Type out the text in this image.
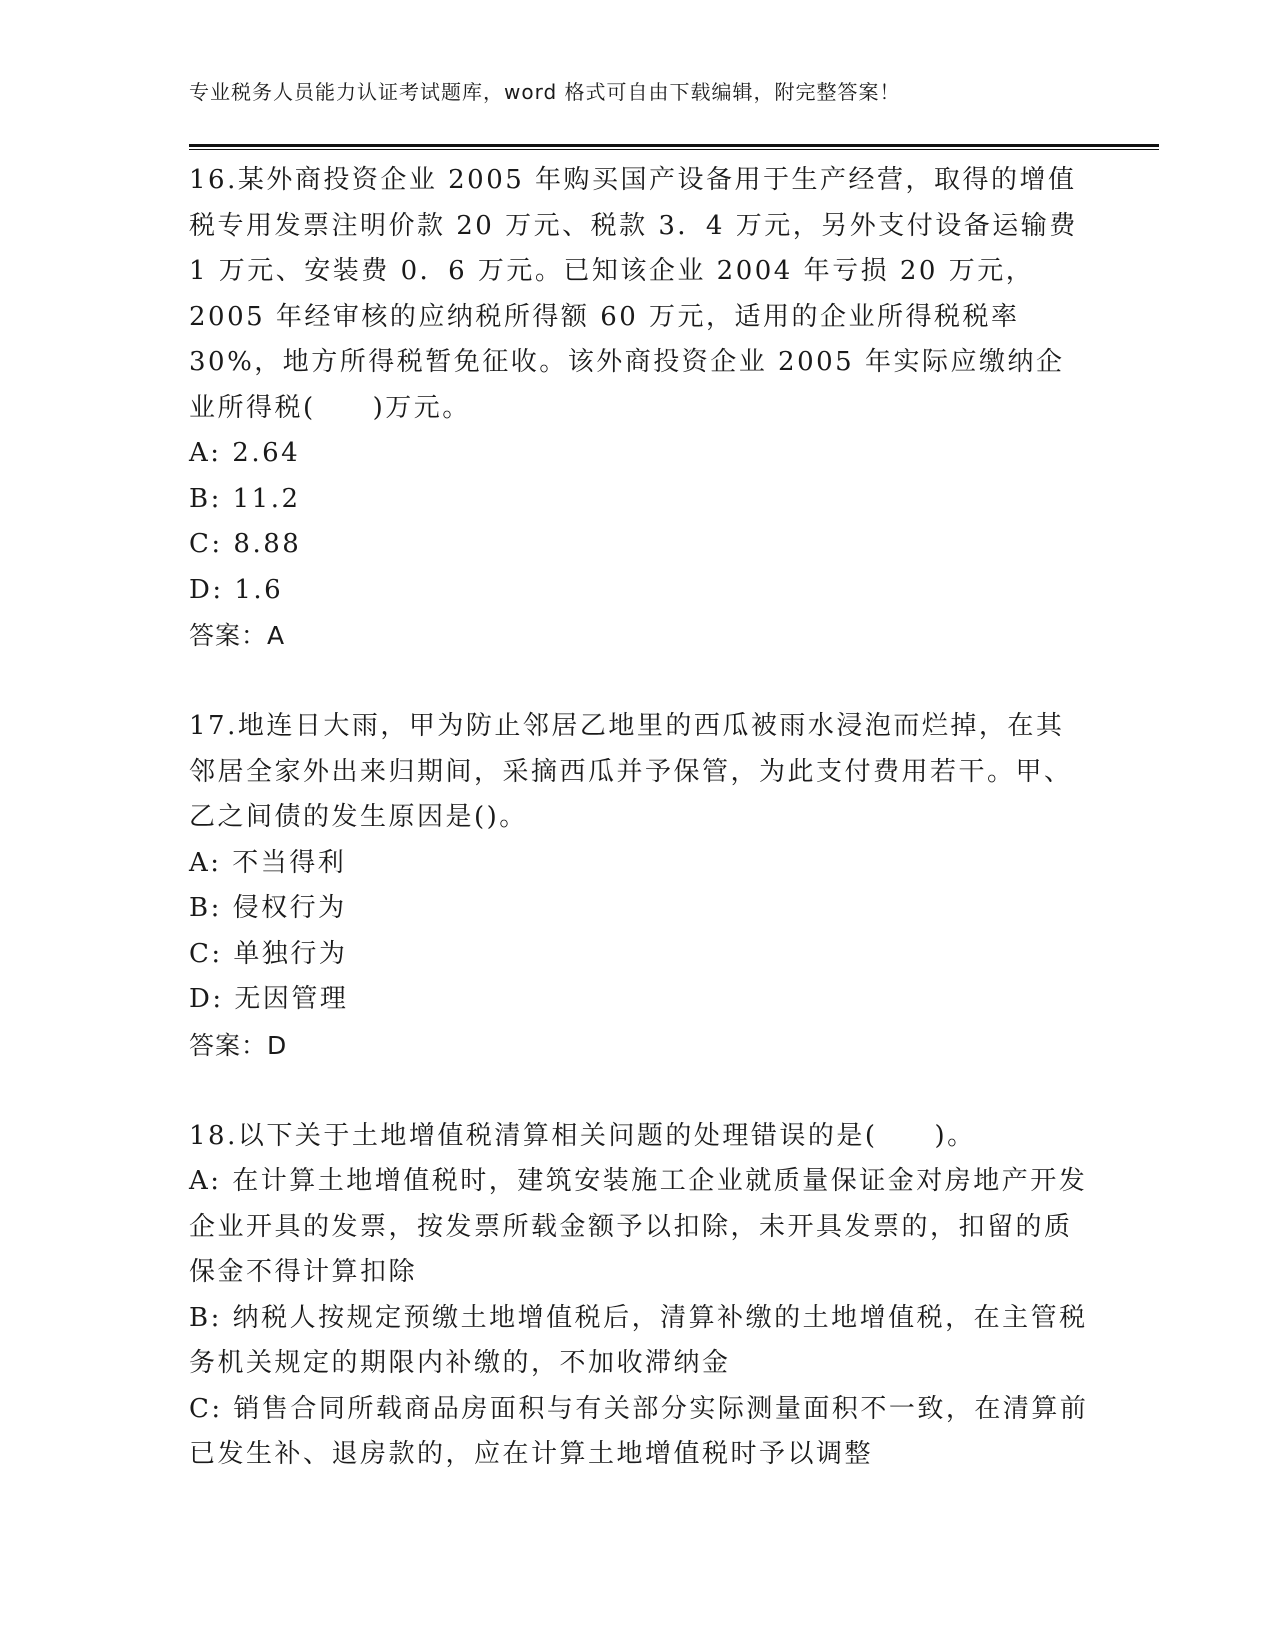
专业税务人员能力认证考试题库，word 格式可自由下载编辑，附完整答案！
16.某外商投资企业 2005 年购买国产设备用于生产经营，取得的增值税专用发票注明价款 20 万元、税款 3．4 万元，另外支付设备运输费 1 万元、安装费 0．6 万元。已知该企业 2004 年亏损 20 万元，2005 年经审核的应纳税所得额 60 万元，适用的企业所得税税率 30%，地方所得税暂免征收。该外商投资企业 2005 年实际应缴纳企业所得税(　　)万元。
A: 2.64
B: 11.2
C: 8.88
D: 1.6
答案：A
17.地连日大雨，甲为防止邻居乙地里的西瓜被雨水浸泡而烂掉，在其邻居全家外出来归期间，采摘西瓜并予保管，为此支付费用若干。甲、乙之间债的发生原因是()。
A: 不当得利
B: 侵权行为
C: 单独行为
D: 无因管理
答案：D
18.以下关于土地增值税清算相关问题的处理错误的是(　　)。
A: 在计算土地增值税时，建筑安装施工企业就质量保证金对房地产开发企业开具的发票，按发票所载金额予以扣除，未开具发票的，扣留的质保金不得计算扣除
B: 纳税人按规定预缴土地增值税后，清算补缴的土地增值税，在主管税务机关规定的期限内补缴的，不加收滞纳金
C: 销售合同所载商品房面积与有关部分实际测量面积不一致，在清算前已发生补、退房款的，应在计算土地增值税时予以调整
